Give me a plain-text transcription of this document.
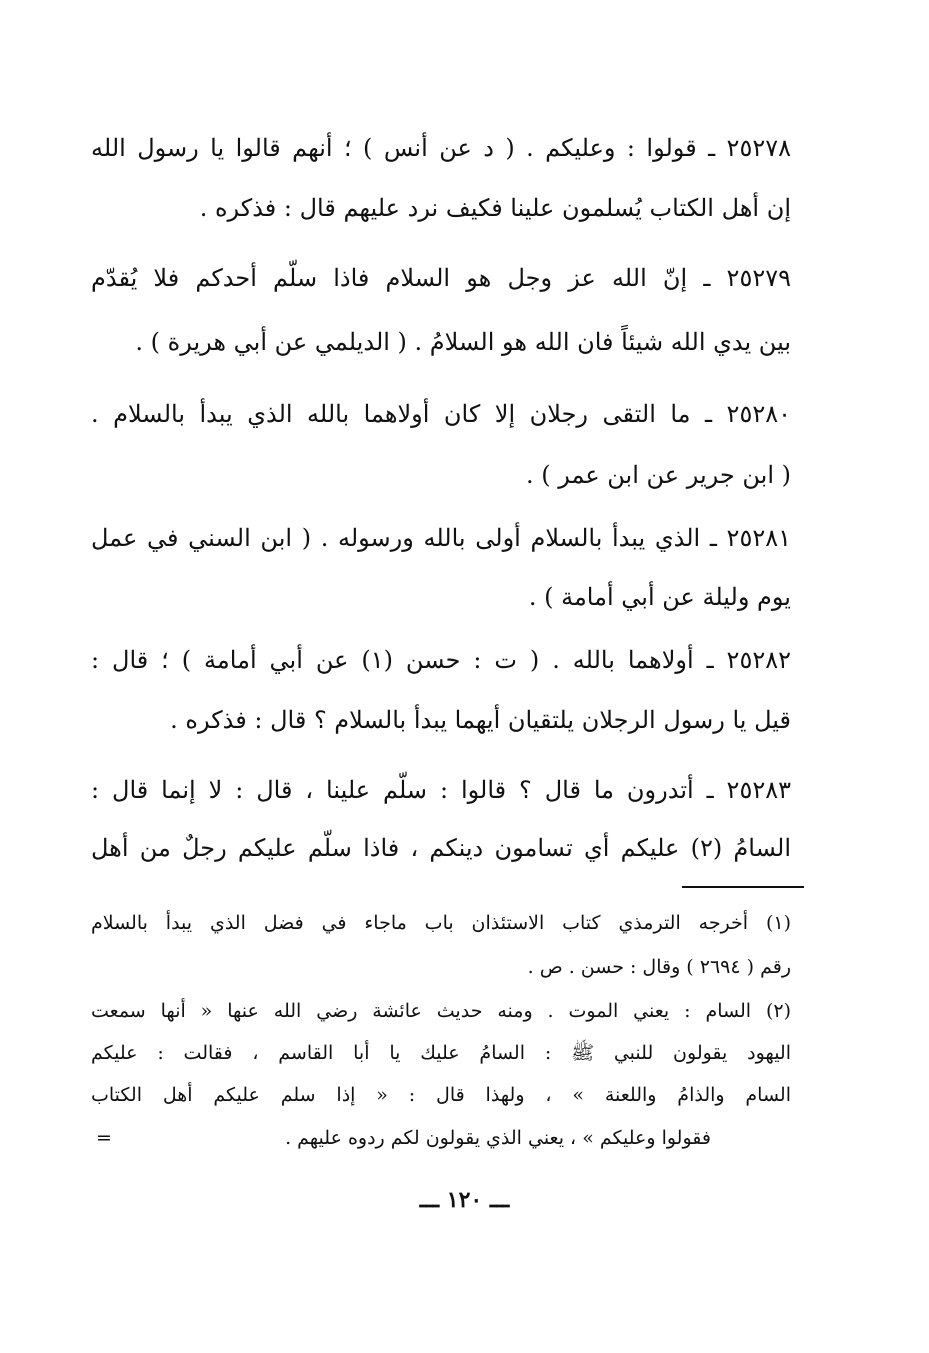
٢٥٢٧٨ ـ قولوا : وعليكم . ( د عن أنس ) ؛ أنهم قالوا يا رسول الله
إن أهل الكتاب يُسلمون علينا فكيف نرد عليهم قال : فذكره .
٢٥٢٧٩ ـ إنّ الله عز وجل هو السلام فاذا سلّم أحدكم فلا يُقدّم
بين يدي الله شيئاً فان الله هو السلامُ . ( الديلمي عن أبي هريرة ) .
٢٥٢٨٠ ـ ما التقى رجلان إلا كان أولاهما بالله الذي يبدأ بالسلام .
( ابن جرير عن ابن عمر ) .
٢٥٢٨١ ـ الذي يبدأ بالسلام أولى بالله ورسوله . ( ابن السني في عمل
يوم وليلة عن أبي أمامة ) .
٢٥٢٨٢ ـ أولاهما بالله . ( ت : حسن (١) عن أبي أمامة ) ؛ قال :
قيل يا رسول الرجلان يلتقيان أيهما يبدأ بالسلام ؟ قال : فذكره .
٢٥٢٨٣ ـ أتدرون ما قال ؟ قالوا : سلّم علينا ، قال : لا إنما قال :
السامُ (٢) عليكم أي تسامون دينكم ، فاذا سلّم عليكم رجلٌ من أهل
(١) أخرجه الترمذي كتاب الاستئذان باب ماجاء في فضل الذي يبدأ بالسلام
رقم ( ٢٦٩٤ ) وقال : حسن . ص .
(٢) السام : يعني الموت . ومنه حديث عائشة رضي الله عنها « أنها سمعت
اليهود يقولون للنبي ﷺ : السامُ عليك يا أبا القاسم ، فقالت : عليكم
السام والذامُ واللعنة » ، ولهذا قال : « إذا سلم عليكم أهل الكتاب
فقولوا وعليكم » ، يعني الذي يقولون لكم ردوه عليهم .
=
ـــ ١٢٠ ـــ
